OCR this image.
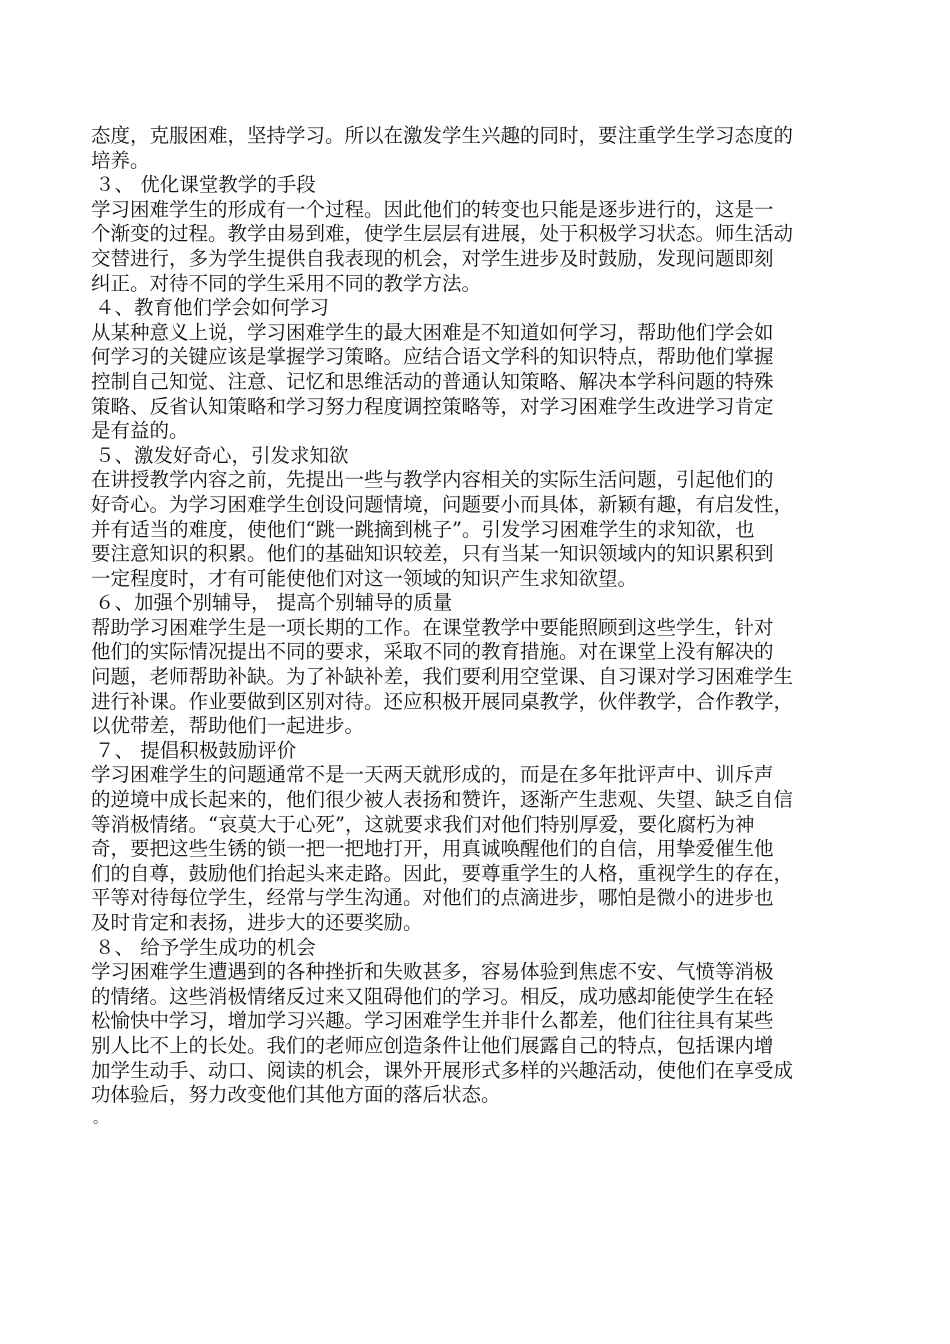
态度，克服困难，坚持学习。所以在激发学生兴趣的同时，要注重学生学习态度的
培养。
３、 优化课堂教学的手段
学习困难学生的形成有一个过程。因此他们的转变也只能是逐步进行的，这是一
个渐变的过程。教学由易到难，使学生层层有进展，处于积极学习状态。师生活动
交替进行，多为学生提供自我表现的机会，对学生进步及时鼓励，发现问题即刻
纠正。对待不同的学生采用不同的教学方法。
４、教育他们学会如何学习
从某种意义上说，学习困难学生的最大困难是不知道如何学习，帮助他们学会如
何学习的关键应该是掌握学习策略。应结合语文学科的知识特点，帮助他们掌握
控制自己知觉、注意、记忆和思维活动的普通认知策略、解决本学科问题的特殊
策略、反省认知策略和学习努力程度调控策略等，对学习困难学生改进学习肯定
是有益的。
５、激发好奇心，引发求知欲
在讲授教学内容之前，先提出一些与教学内容相关的实际生活问题，引起他们的
好奇心。为学习困难学生创设问题情境，问题要小而具体，新颖有趣，有启发性，
并有适当的难度，使他们“跳一跳摘到桃子”。引发学习困难学生的求知欲，也
要注意知识的积累。他们的基础知识较差，只有当某一知识领域内的知识累积到
一定程度时，才有可能使他们对这一领域的知识产生求知欲望。
６、加强个别辅导， 提高个别辅导的质量
帮助学习困难学生是一项长期的工作。在课堂教学中要能照顾到这些学生，针对
他们的实际情况提出不同的要求，采取不同的教育措施。对在课堂上没有解决的
问题，老师帮助补缺。为了补缺补差，我们要利用空堂课、自习课对学习困难学生
进行补课。作业要做到区别对待。还应积极开展同桌教学，伙伴教学，合作教学，
以优带差，帮助他们一起进步。
７、 提倡积极鼓励评价
学习困难学生的问题通常不是一天两天就形成的，而是在多年批评声中、训斥声
的逆境中成长起来的，他们很少被人表扬和赞许，逐渐产生悲观、失望、缺乏自信
等消极情绪。“哀莫大于心死”，这就要求我们对他们特别厚爱，要化腐朽为神
奇，要把这些生锈的锁一把一把地打开，用真诚唤醒他们的自信，用挚爱催生他
们的自尊，鼓励他们抬起头来走路。因此，要尊重学生的人格，重视学生的存在，
平等对待每位学生，经常与学生沟通。对他们的点滴进步，哪怕是微小的进步也
及时肯定和表扬，进步大的还要奖励。
８、 给予学生成功的机会
学习困难学生遭遇到的各种挫折和失败甚多，容易体验到焦虑不安、气愤等消极
的情绪。这些消极情绪反过来又阻碍他们的学习。相反，成功感却能使学生在轻
松愉快中学习，增加学习兴趣。学习困难学生并非什么都差，他们往往具有某些
别人比不上的长处。我们的老师应创造条件让他们展露自己的特点，包括课内增
加学生动手、动口、阅读的机会，课外开展形式多样的兴趣活动，使他们在享受成
功体验后，努力改变他们其他方面的落后状态。
。
